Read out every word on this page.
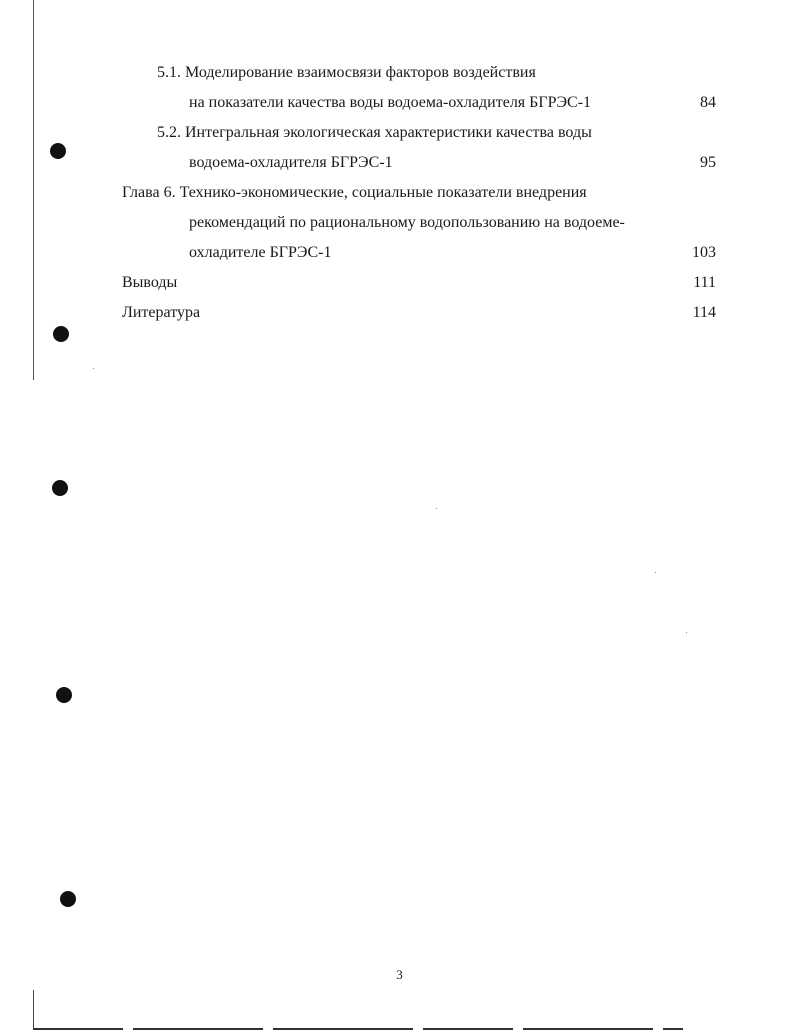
5.1. Моделирование взаимосвязи факторов воздействия
на показатели качества воды водоема-охладителя БГРЭС-1	84
5.2. Интегральная экологическая характеристики качества воды
водоема-охладителя БГРЭС-1	95
Глава 6. Технико-экономические, социальные показатели внедрения
рекомендаций по рациональному водопользованию на водоеме-
охладителе БГРЭС-1	103
Выводы	111
Литература	114
3
